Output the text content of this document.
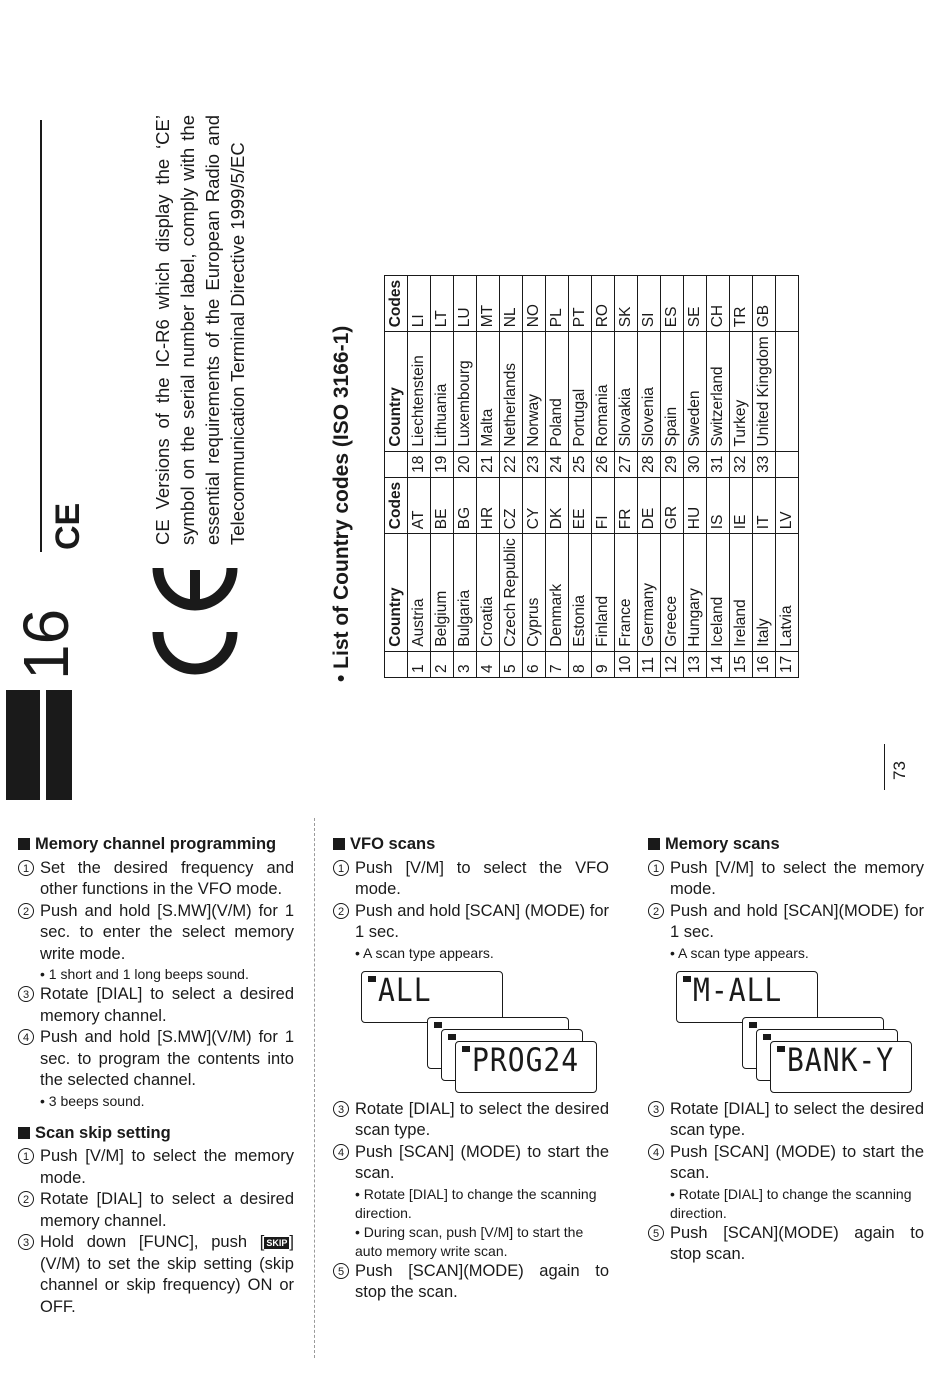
16
CE	CE Versions of the IC-R6 which display the ‘CE’ symbol on the serial number label, comply with the essential requirements of the European Radio and Telecommunication Terminal Directive 1999/5/EC	• List of Country codes (ISO 3166-1)
	Country	Codes		Country	Codes
1	Austria	AT	18	Liechtenstein	LI
2	Belgium	BE	19	Lithuania	LT
3	Bulgaria	BG	20	Luxembourg	LU
4	Croatia	HR	21	Malta	MT
5	Czech Republic	CZ	22	Netherlands	NL
6	Cyprus	CY	23	Norway	NO
7	Denmark	DK	24	Poland	PL
8	Estonia	EE	25	Portugal	PT
9	Finland	FI	26	Romania	RO
10	France	FR	27	Slovakia	SK
11	Germany	DE	28	Slovenia	SI
12	Greece	GR	29	Spain	ES
13	Hungary	HU	30	Sweden	SE
14	Iceland	IS	31	Switzerland	CH
15	Ireland	IE	32	Turkey	TR
16	Italy	IT	33	United Kingdom	GB
17	Latvia	LV			
73
Memory channel programming
1 Set the desired frequency and other functions in the VFO mode.
2 Push and hold [S.MW](V/M) for 1 sec. to enter the select memory write mode.
• 1 short and 1 long beeps sound.
3 Rotate [DIAL] to select a desired memory channel.
4 Push and hold [S.MW](V/M) for 1 sec. to program the contents into the selected channel.
• 3 beeps sound.
Scan skip setting
1 Push [V/M] to select the memory mode.
2 Rotate [DIAL] to select a desired memory channel.
3 Hold down [FUNC], push [ SKIP ] (V/M) to set the skip setting (skip channel or skip frequency) ON or OFF.
VFO scans
1 Push [V/M] to select the VFO mode.
2 Push and hold [SCAN] (MODE) for 1 sec.
• A scan type appears.
ALL
PROG24
3 Rotate [DIAL] to select the desired scan type.
4 Push [SCAN] (MODE) to start the scan.
• Rotate [DIAL] to change the scanning direction.
• During scan, push [V/M] to start the auto memory write scan.
5 Push [SCAN](MODE) again to stop the scan.
Memory scans
1 Push [V/M] to select the memory mode.
2 Push and hold [SCAN](MODE) for 1 sec.
• A scan type appears.
M-ALL
BANK-Y
3 Rotate [DIAL] to select the desired scan type.
4 Push [SCAN] (MODE) to start the scan.
• Rotate [DIAL] to change the scanning direction.
5 Push [SCAN](MODE) again to stop scan.
